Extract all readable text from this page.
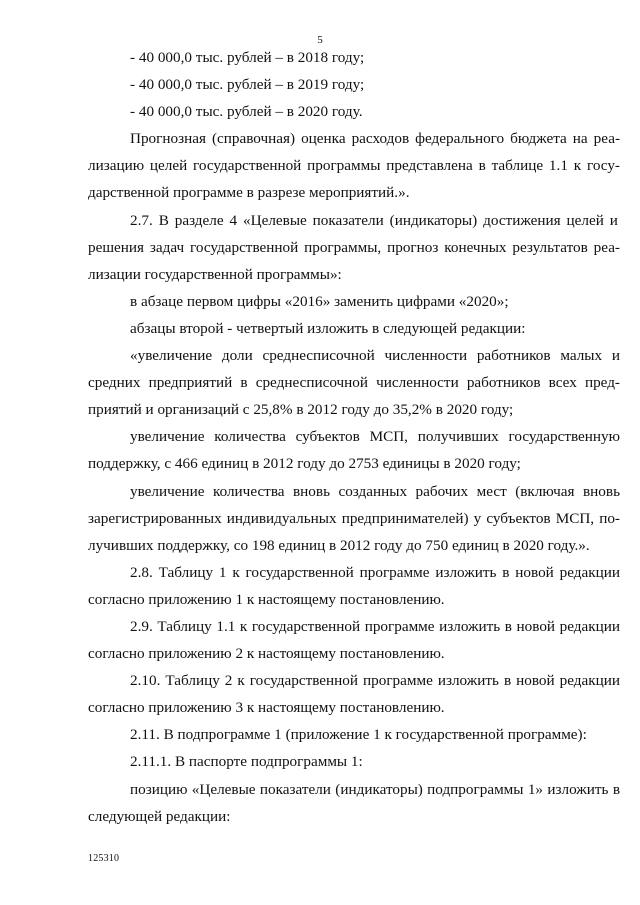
5
- 40 000,0 тыс. рублей – в 2018 году;
- 40 000,0 тыс. рублей – в 2019 году;
- 40 000,0 тыс. рублей – в 2020 году.
Прогнозная (справочная) оценка расходов федерального бюджета на реа-
лизацию целей государственной программы представлена в таблице 1.1 к госу-
дарственной программе в разрезе мероприятий.».
2.7. В разделе 4 «Целевые показатели (индикаторы) достижения целей и
решения задач государственной программы, прогноз конечных результатов реа-
лизации государственной программы»:
в абзаце первом цифры «2016» заменить цифрами «2020»;
абзацы второй - четвертый изложить в следующей редакции:
«увеличение доли среднесписочной численности работников малых и
средних предприятий в среднесписочной численности работников всех пред-
приятий и организаций с 25,8% в 2012 году до 35,2% в 2020 году;
увеличение количества субъектов МСП, получивших государственную
поддержку, с 466 единиц в 2012 году до 2753 единицы в 2020 году;
увеличение количества вновь созданных рабочих мест (включая вновь
зарегистрированных индивидуальных предпринимателей) у субъектов МСП, по-
лучивших поддержку, со 198 единиц в 2012 году до 750 единиц в 2020 году.».
2.8. Таблицу 1 к государственной программе изложить в новой редакции
согласно приложению 1 к настоящему постановлению.
2.9. Таблицу 1.1 к государственной программе изложить в новой редакции
согласно приложению 2 к настоящему постановлению.
2.10. Таблицу 2 к государственной программе изложить в новой редакции
согласно приложению 3 к настоящему постановлению.
2.11. В подпрограмме 1 (приложение 1 к государственной программе):
2.11.1. В паспорте подпрограммы 1:
позицию «Целевые показатели (индикаторы) подпрограммы 1» изложить в
следующей редакции:
125310
